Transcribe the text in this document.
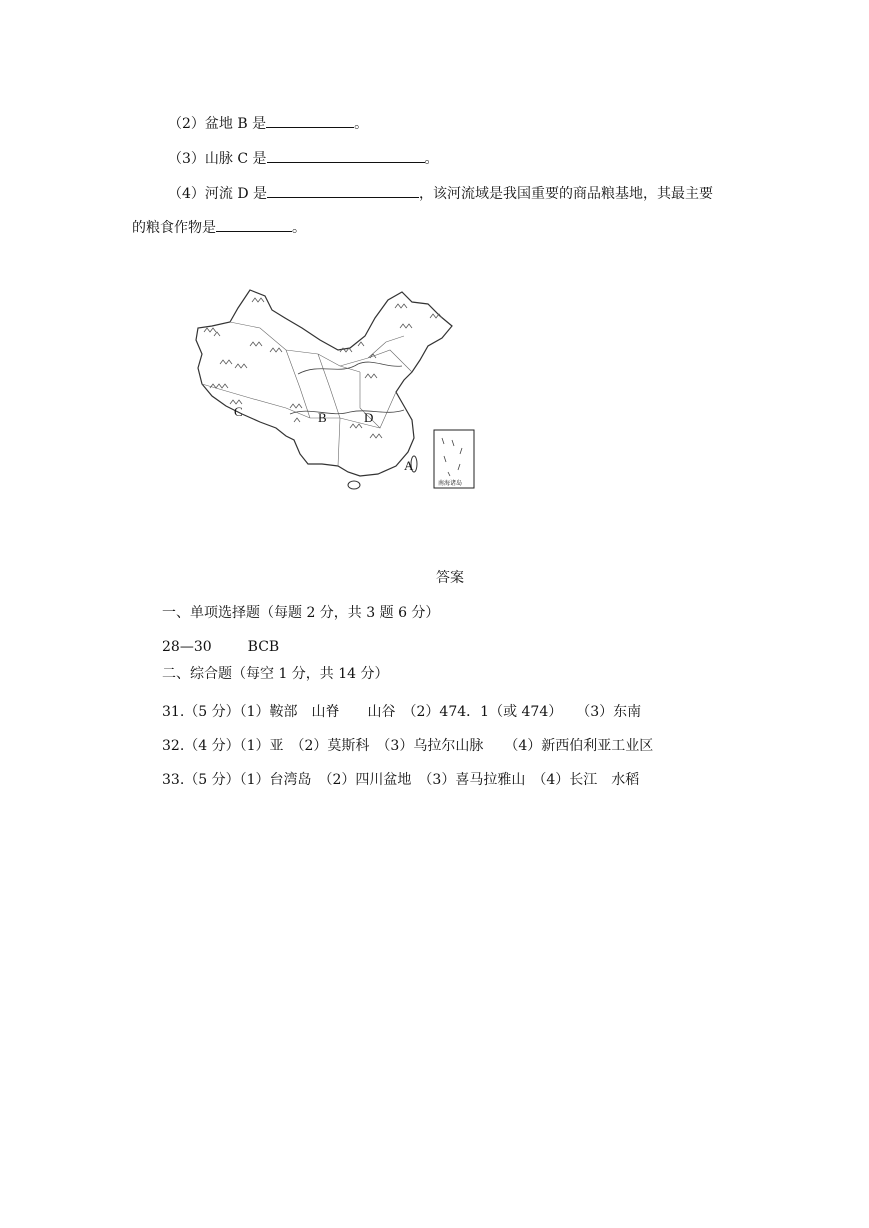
（2）盆地 B 是	。
（3）山脉 C 是	。
（4）河流 D 是	，该河流域是我国重要的商品粮基地，其最主要
的粮食作物是	。
C	B	D
A
南海诸岛
答案
一、单项选择题（每题 2 分，共 3 题 6 分）
28—30	BCB
二、综合题（每空 1 分，共 14 分）
31.（5 分）（1）鞍部　山脊　　山谷　（2）474．1（或 474）　　（3）东南
32.（4 分）（1）亚　（2）莫斯科　（3）乌拉尔山脉　　（4）新西伯利亚工业区
33.（5 分）（1）台湾岛　（2）四川盆地　（3）喜马拉雅山　（4）长江　水稻
